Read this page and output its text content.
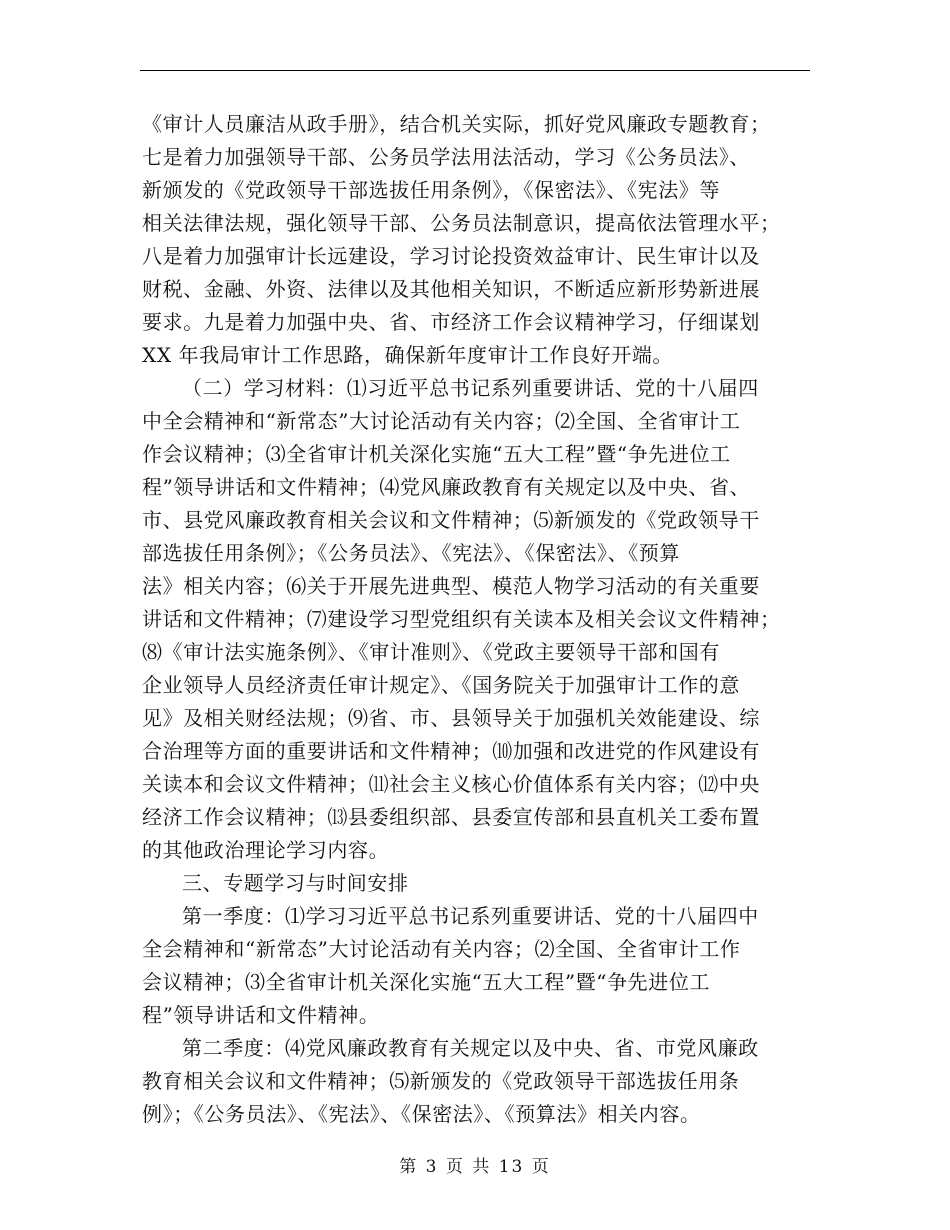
《审计人员廉洁从政手册》，结合机关实际，抓好党风廉政专题教育；
七是着力加强领导干部、公务员学法用法活动，学习《公务员法》、
新颁发的《党政领导干部选拔任用条例》，《保密法》、《宪法》等
相关法律法规，强化领导干部、公务员法制意识，提高依法管理水平；
八是着力加强审计长远建设，学习讨论投资效益审计、民生审计以及
财税、金融、外资、法律以及其他相关知识，不断适应新形势新进展
要求。九是着力加强中央、省、市经济工作会议精神学习，仔细谋划
XX 年我局审计工作思路，确保新年度审计工作良好开端。
（二）学习材料：⑴习近平总书记系列重要讲话、党的十八届四
中全会精神和“新常态”大讨论活动有关内容；⑵全国、全省审计工
作会议精神；⑶全省审计机关深化实施“五大工程”暨“争先进位工
程”领导讲话和文件精神；⑷党风廉政教育有关规定以及中央、省、
市、县党风廉政教育相关会议和文件精神；⑸新颁发的《党政领导干
部选拔任用条例》；《公务员法》、《宪法》、《保密法》、《预算
法》相关内容；⑹关于开展先进典型、模范人物学习活动的有关重要
讲话和文件精神；⑺建设学习型党组织有关读本及相关会议文件精神；
⑻《审计法实施条例》、《审计准则》、《党政主要领导干部和国有
企业领导人员经济责任审计规定》、《国务院关于加强审计工作的意
见》及相关财经法规；⑼省、市、县领导关于加强机关效能建设、综
合治理等方面的重要讲话和文件精神；⑽加强和改进党的作风建设有
关读本和会议文件精神；⑾社会主义核心价值体系有关内容；⑿中央
经济工作会议精神；⒀县委组织部、县委宣传部和县直机关工委布置
的其他政治理论学习内容。
三、专题学习与时间安排
第一季度：⑴学习习近平总书记系列重要讲话、党的十八届四中
全会精神和“新常态”大讨论活动有关内容；⑵全国、全省审计工作
会议精神；⑶全省审计机关深化实施“五大工程”暨“争先进位工
程”领导讲话和文件精神。
第二季度：⑷党风廉政教育有关规定以及中央、省、市党风廉政
教育相关会议和文件精神；⑸新颁发的《党政领导干部选拔任用条
例》；《公务员法》、《宪法》、《保密法》、《预算法》相关内容。
第 3 页 共 13 页
